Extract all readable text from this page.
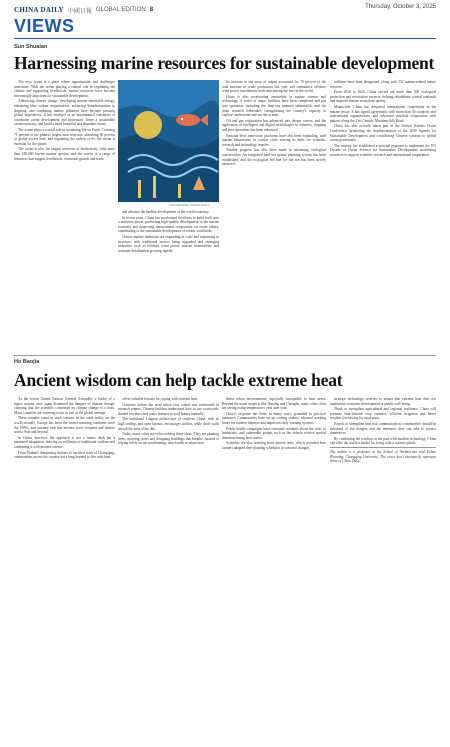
CHINA DAILY 中國日報 GLOBAL EDITION 8	Thursday, October 3, 2025
VIEWS
Sun Shuaian
Harnessing marine resources for sustainable development

The next ocean is a place where opportunities and challenges intertwine. With the ocean playing a central role in regulating the climate and supporting livelihoods, marine resources have become increasingly important for sustainable development.

Addressing climate change, developing marine renewable energy, enhancing blue carbon sequestration, achieving decarbonization in shipping, and combating marine pollution have become pressing global imperatives. It has emerged as an international consensus to coordinate ocean development and protection, foster a sustainable ocean economy, and build a more beautiful and abundant ocean.

The ocean plays a crucial role in sustaining life on Earth. Covering 71 percent of the planet's largest heat reservoir, absorbing 90 percent of global excess heat, and regulating the carbon cycle, the ocean is essential for the planet.

The ocean is also the largest reservoir of biodiversity, with more than 240,000 known marine species, and the source of a range of resources that support livelihoods, economic growth and trade.

MA XUEJING / CHINA DAILY

and advance the healthy development of the world economy.

In recent years, China has accelerated its efforts to build itself into a maritime power, promoting high-quality development of the marine economy and deepening international cooperation on ocean affairs, contributing to the sustainable development of oceans worldwide.

China's marine industries are expanding in scale and improving in structure, with traditional sectors being upgraded and emerging industries such as offshore wind power, marine biomedicine and seawater desalination growing rapidly.

Its increase in sea areas of output accounted for 70 percent of the total increase in crude production last year, and cumulative offshore wind power installations both rank among the best in the world.

China is also accelerating innovation in marine science and technology. A series of major facilities have been completed and put into operation, including the deep-sea manned submersible and the polar research icebreaker, strengthening the country's capacity to explore, understand and use the oceans.

Oil and gas exploration has advanced into deeper waters, and the application of intelligent and digital technologies in fisheries, shipping and port operations has been enhanced.

National-level innovative platforms have also been expanding, with marine laboratories in coastal cities serving as hubs for scientific research and technology transfer.

Notable progress has also been made in advancing ecological conservation. An integrated land-sea spatial planning system has been established, and the ecological red line for the sea has been strictly enforced.

wellness have been designated, along with 352 marine-related nature reserves.

From 2016 to 2024, China carried out more than 500 ecological protection and restoration projects, helping rehabilitate coastal wetlands and improve marine ecosystem quality.

Meanwhile, China has deepened international cooperation in the marine sector. It has signed agreements with more than 50 countries and international organizations, and advanced practical cooperation with nations along the 21st Century Maritime Silk Road.

China has also actively taken part in the United Nations Ocean Conference, promoting the implementation of the 2030 Agenda for Sustainable Development and contributing Chinese wisdom to global ocean governance.

The country has established a national response to implement the UN Decade of Ocean Science for Sustainable Development, mobilizing resources to support scientific research and international cooperation.

Ho Baojia
Ancient wisdom can help tackle extreme heat

As the recent United Nations General Assembly, a leader of a major country once again dismissed the dangers of climate change, claiming that the scientific consensus on climate change is a hoax. Many countries are warming twice as fast as the global average.

These remarks stand in stark contrast to the stark reality on the world recently. Europe has been the fastest-warming continent since the 1980s, and extreme heat has become more frequent and intense across Asia and beyond.

In China, however, the approach is not a frantic dash but a measured adaptation, drawing on millennia of traditional wisdom and combining it with modern science.

From Wuhan's dampening shelters to the tiled roofs of Chongqing, communities across the country have long learned to live with heat.

offers valuable lessons for coping with extreme heat.

Centuries before the term urban heat island was mentioned in research papers, Chinese builders understood how to use courtyards, shaded corridors and water features to cool homes naturally.

The traditional Lingnan architecture of southern China, with its high ceilings and open layouts, encourages airflow, while thick walls absorb the heat of the day.

Today, many cities are rediscovering these ideas. They are planting trees, restoring rivers and designing buildings that breathe, instead of relying solely on air conditioning, which adds to urban heat.

dense urban environments, especially susceptible to heat stress. Beyond the usual suspects like Nanjing and Chengdu, many other cities are seeing rising temperatures year after year.

China's response has been, in many ways, grounded in practical measures. Communities have set up cooling centers, adjusted working hours for outdoor laborers and improved early warning systems.

Public health campaigns have educated residents about the risks of heatstroke, and vulnerable groups such as the elderly receive special attention during heat waves.

Scientists are also learning from ancient texts, which recorded how farmers adapted their planting schedules to seasonal changes.

strategic technology reserves to ensure that extreme heat does not undermine economic development or public well-being.

Third, to strengthen agricultural and regional resilience, China will promote heat-tolerant crop varieties, efficient irrigation and better weather forecasting for rural areas.

Fourth, to strengthen heat risk communication, communities should be informed of the dangers and the measures they can take to protect themselves.

By combining the wisdom of the past with modern technology, China can offer the world a model for living with a warmer planet.

The author is a professor at the School of Architecture and Urban Planning, Chongqing University. The views don't necessarily represent those of China Daily.
